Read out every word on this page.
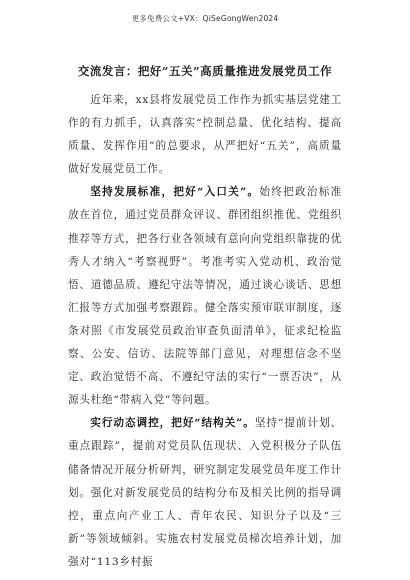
更多免费公文+VX：QiSeGongWen2024
交流发言：把好“五关”高质量推进发展党员工作

近年来，xx县将发展党员工作作为抓实基层党建工作的有力抓手，认真落实“控制总量、优化结构、提高质量、发挥作用”的总要求，从严把好“五关”，高质量做好发展党员工作。

坚持发展标准，把好“入口关”。始终把政治标准放在首位，通过党员群众评议、群团组织推优、党组织推荐等方式，把各行业各领域有意向向党组织靠拢的优秀人才纳入“考察视野”。考准考实入党动机、政治觉悟、道德品质、遵纪守法等情况，通过谈心谈话、思想汇报等方式加强考察跟踪。健全落实预审联审制度，逐条对照《市发展党员政治审查负面清单》，征求纪检监察、公安、信访、法院等部门意见，对理想信念不坚定、政治觉悟不高、不遵纪守法的实行“一票否决”，从源头杜绝“带病入党”等问题。

实行动态调控，把好“结构关”。坚持“提前计划、重点跟踪”，提前对党员队伍现状、入党积极分子队伍储备情况开展分析研判，研究制定发展党员年度工作计划。强化对新发展党员的结构分布及相关比例的指导调控，重点向产业工人、青年农民、知识分子以及“三新”等领域倾斜。实施农村发展党员梯次培养计划，加强对“113乡村振
